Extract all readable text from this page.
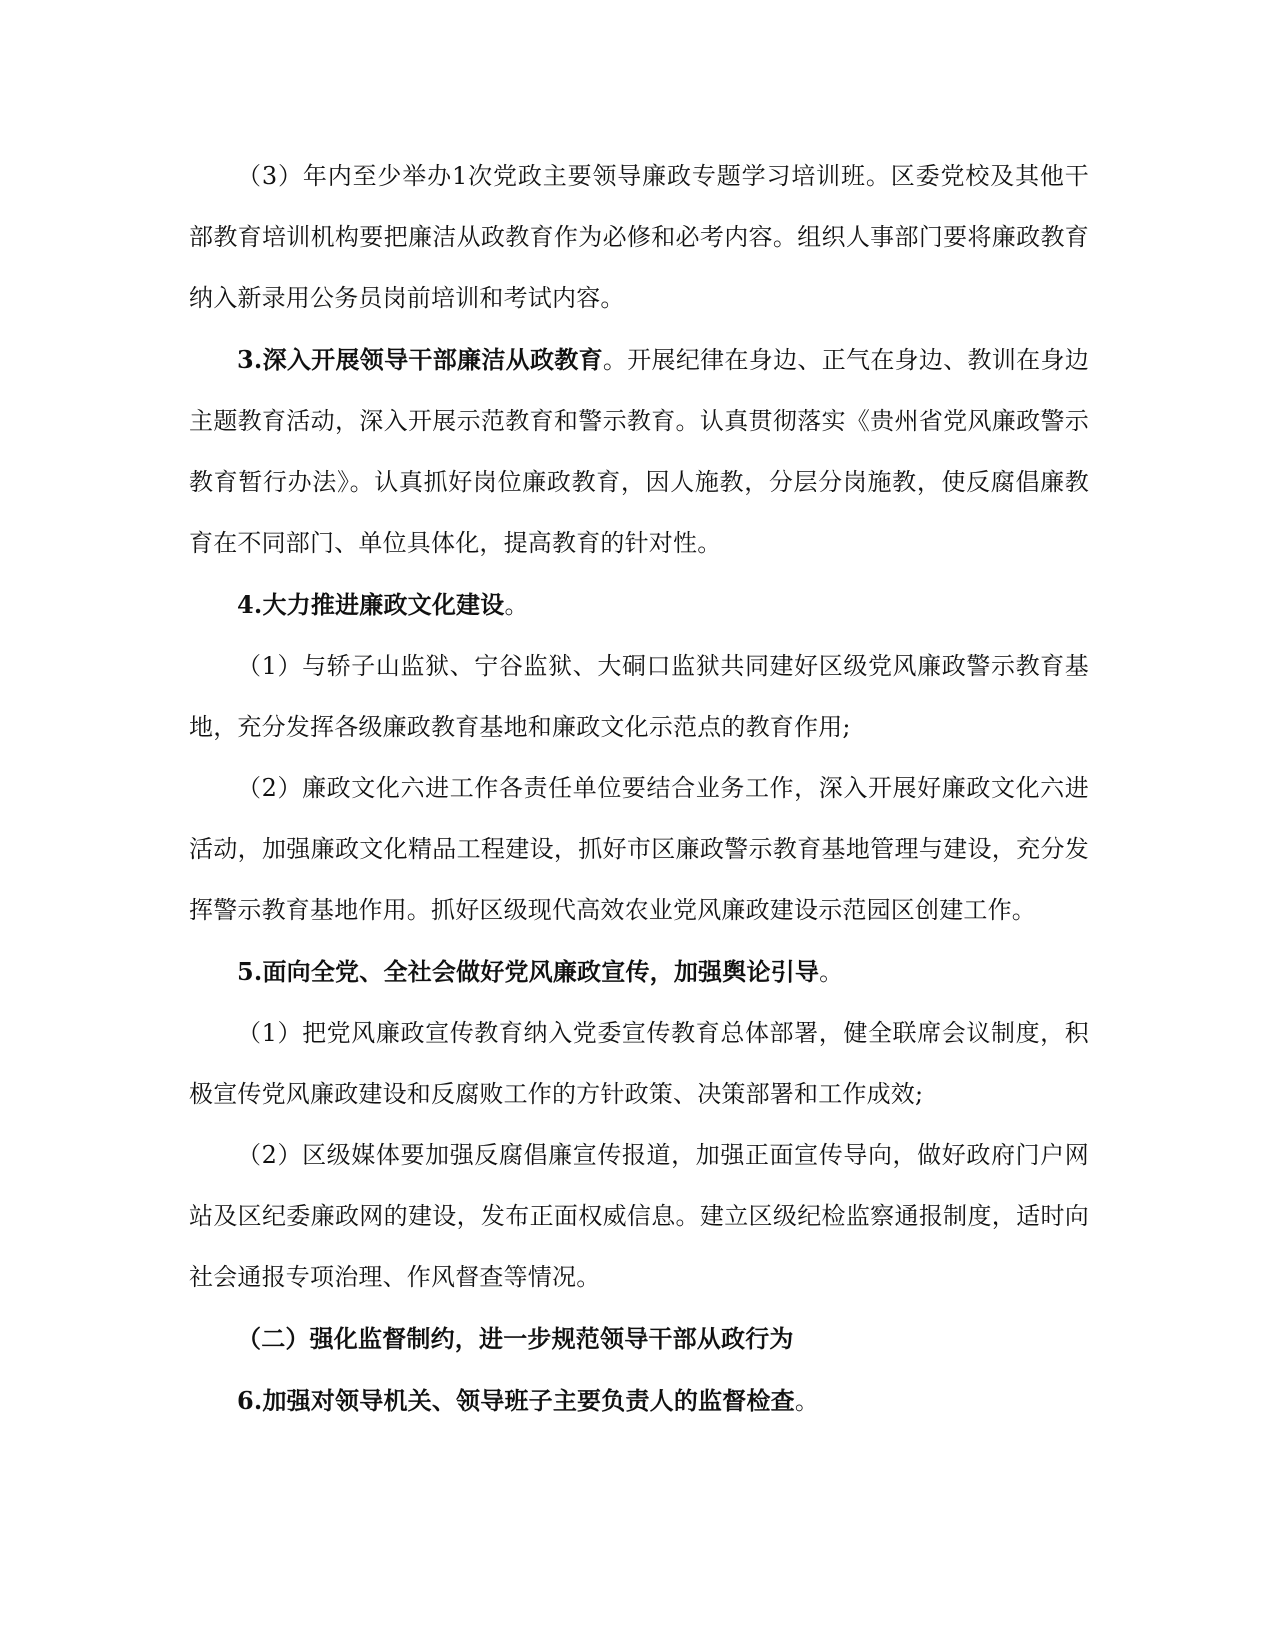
（3）年内至少举办1次党政主要领导廉政专题学习培训班。区委党校及其他干部教育培训机构要把廉洁从政教育作为必修和必考内容。组织人事部门要将廉政教育纳入新录用公务员岗前培训和考试内容。

3.深入开展领导干部廉洁从政教育。开展纪律在身边、正气在身边、教训在身边主题教育活动，深入开展示范教育和警示教育。认真贯彻落实《贵州省党风廉政警示教育暂行办法》。认真抓好岗位廉政教育，因人施教，分层分岗施教，使反腐倡廉教育在不同部门、单位具体化，提高教育的针对性。

4.大力推进廉政文化建设。

（1）与轿子山监狱、宁谷监狱、大硐口监狱共同建好区级党风廉政警示教育基地，充分发挥各级廉政教育基地和廉政文化示范点的教育作用;

（2）廉政文化六进工作各责任单位要结合业务工作，深入开展好廉政文化六进活动，加强廉政文化精品工程建设，抓好市区廉政警示教育基地管理与建设，充分发挥警示教育基地作用。抓好区级现代高效农业党风廉政建设示范园区创建工作。

5.面向全党、全社会做好党风廉政宣传，加强舆论引导。

（1）把党风廉政宣传教育纳入党委宣传教育总体部署，健全联席会议制度，积极宣传党风廉政建设和反腐败工作的方针政策、决策部署和工作成效;

（2）区级媒体要加强反腐倡廉宣传报道，加强正面宣传导向，做好政府门户网站及区纪委廉政网的建设，发布正面权威信息。建立区级纪检监察通报制度，适时向社会通报专项治理、作风督查等情况。

（二）强化监督制约，进一步规范领导干部从政行为

6.加强对领导机关、领导班子主要负责人的监督检查。
